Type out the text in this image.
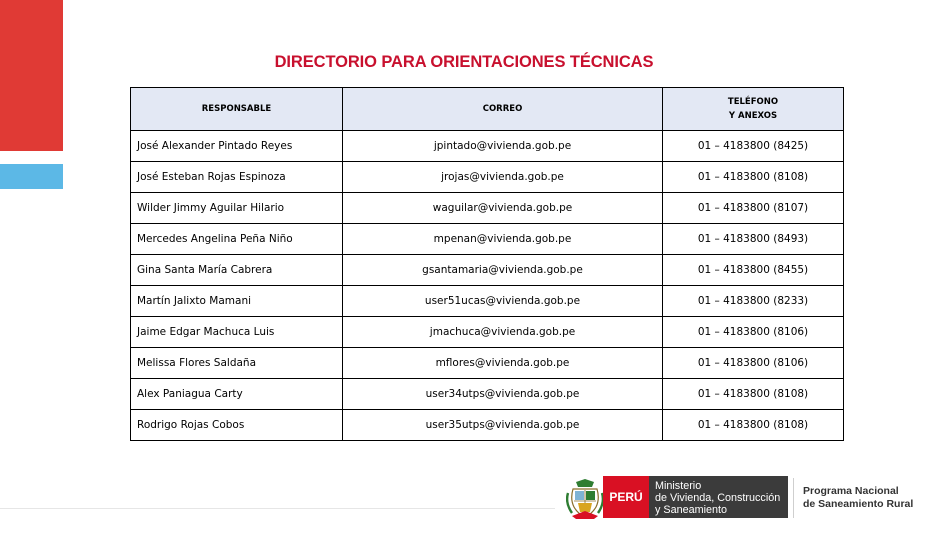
DIRECTORIO PARA ORIENTACIONES TÉCNICAS
RESPONSABLE	CORREO	TELÉFONO
Y ANEXOS

José Alexander Pintado Reyes	jpintado@vivienda.gob.pe	01 – 4183800 (8425)
José Esteban Rojas Espinoza	jrojas@vivienda.gob.pe	01 – 4183800 (8108)
Wilder Jimmy Aguilar Hilario	waguilar@vivienda.gob.pe	01 – 4183800 (8107)
Mercedes Angelina Peña Niño	mpenan@vivienda.gob.pe	01 – 4183800 (8493)
Gina Santa María Cabrera	gsantamaria@vivienda.gob.pe	01 – 4183800 (8455)
Martín Jalixto Mamani	user51ucas@vivienda.gob.pe	01 – 4183800 (8233)
Jaime Edgar Machuca Luis	jmachuca@vivienda.gob.pe	01 – 4183800 (8106)
Melissa Flores Saldaña	mflores@vivienda.gob.pe	01 – 4183800 (8106)
Alex Paniagua Carty	user34utps@vivienda.gob.pe	01 – 4183800 (8108)
Rodrigo Rojas Cobos	user35utps@vivienda.gob.pe	01 – 4183800 (8108)
PERÚ
Ministerio
de Vivienda, Construcción
y Saneamiento
Programa Nacional
de Saneamiento Rural
